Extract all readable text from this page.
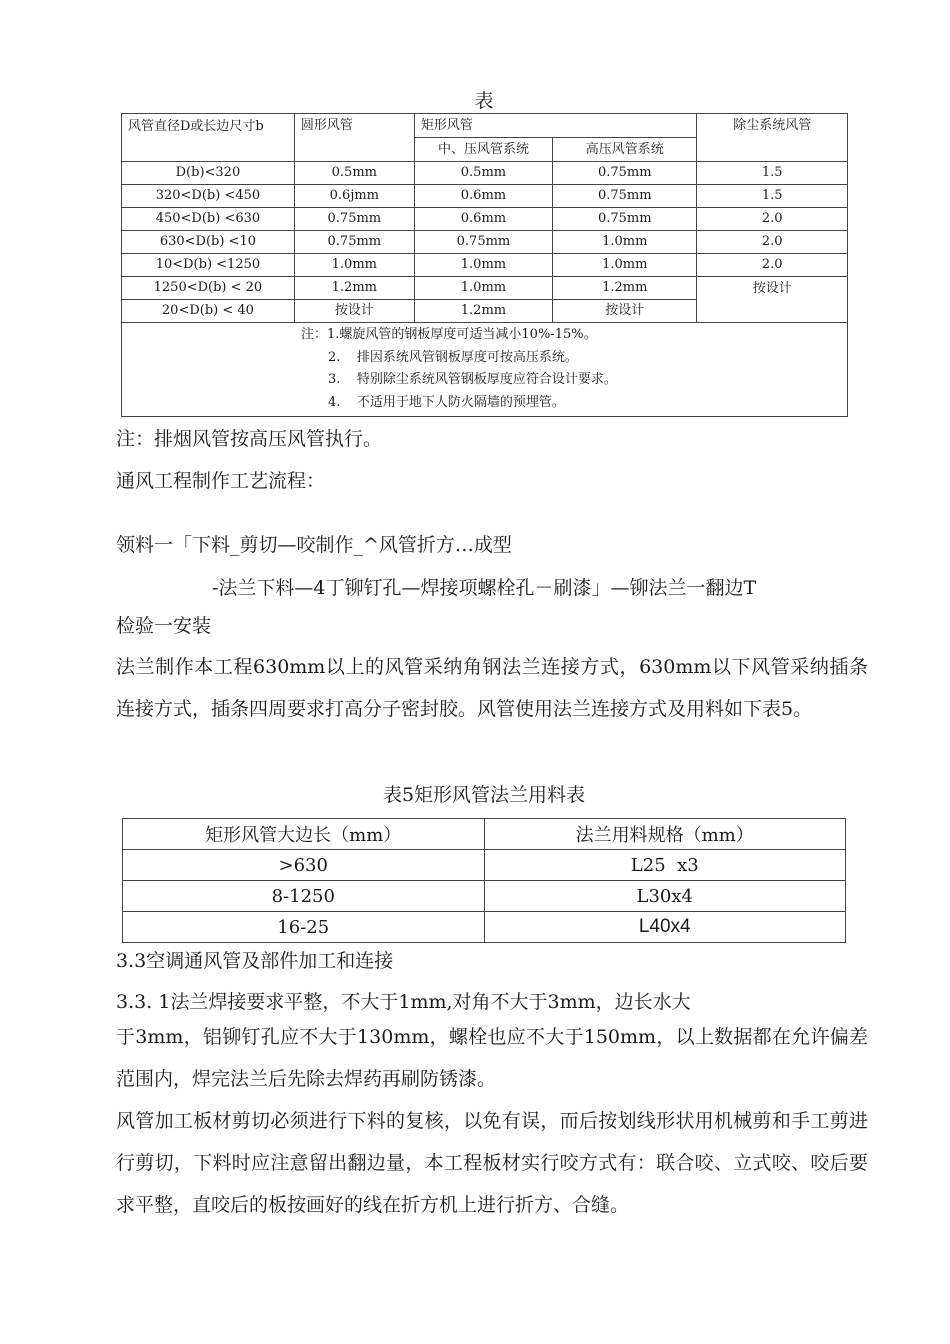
表
风管直径D或长边尺寸b	圆形风管	矩形风管		除尘系统风管
		中、压风管系统	高压风管系统	
D(b)<320	0.5mm	0.5mm	0.75mm	1.5
320<D(b) <450	0.6jmm	0.6mm	0.75mm	1.5
450<D(b) <630	0.75mm	0.6mm	0.75mm	2.0
630<D(b) <10	0.75mm	0.75mm	1.0mm	2.0
10<D(b) <1250	1.0mm	1.0mm	1.0mm	2.0
1250<D(b) < 20	1.2mm	1.0mm	1.2mm	按设计
20<D(b) < 40	按设计	1.2mm	按设计	

注：1.螺旋风管的钢板厚度可适当减小10%-15%。
2.    排因系统风管钢板厚度可按高压系统。
3.    特别除尘系统风管钢板厚度应符合设计要求。
4.    不适用于地下人防火隔墙的预埋管。				
注：排烟风管按高压风管执行。
通风工程制作工艺流程：
领料一「下料_剪切—咬制作_^风管折方…成型
-法兰下料—4丁铆钉孔—焊接项螺栓孔－刷漆」—铆法兰一翻边T
检验一安装
法兰制作本工程630mm以上的风管采纳角钢法兰连接方式，630mm以下风管采纳插条连接方式，插条四周要求打高分子密封胶。风管使用法兰连接方式及用料如下表5。
表5矩形风管法兰用料表
矩形风管大边长（mm）	法兰用料规格（mm）
>630	L25  x3
8-1250	L30x4
16-25	L40x4
3.3空调通风管及部件加工和连接
3.3. 1法兰焊接要求平整，不大于1mm,对角不大于3mm，边长水大
于3mm，铝铆钉孔应不大于130mm，螺栓也应不大于150mm，以上数据都在允许偏差范围内，焊完法兰后先除去焊药再刷防锈漆。
风管加工板材剪切必须进行下料的复核，以免有误，而后按划线形状用机械剪和手工剪进行剪切，下料时应注意留出翻边量，本工程板材实行咬方式有：联合咬、立式咬、咬后要求平整，直咬后的板按画好的线在折方机上进行折方、合缝。
